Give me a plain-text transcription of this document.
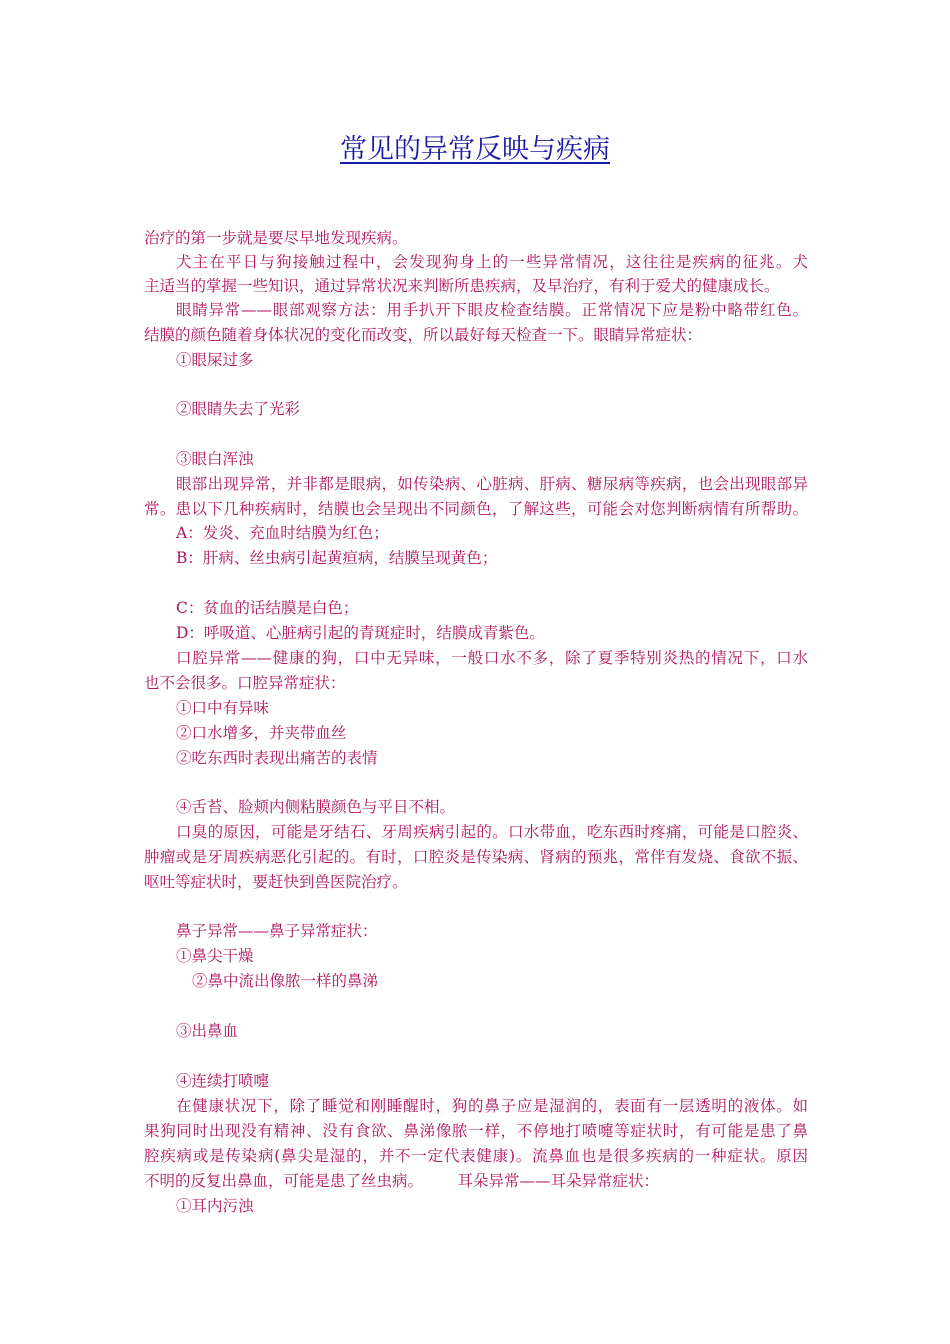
常见的异常反映与疾病
治疗的第一步就是要尽早地发现疾病。
犬主在平日与狗接触过程中，会发现狗身上的一些异常情况，这往往是疾病的征兆。犬
主适当的掌握一些知识，通过异常状况来判断所患疾病，及早治疗，有利于爱犬的健康成长。
眼睛异常——眼部观察方法：用手扒开下眼皮检查结膜。正常情况下应是粉中略带红色。
结膜的颜色随着身体状况的变化而改变，所以最好每天检查一下。眼睛异常症状：
①眼屎过多
②眼睛失去了光彩
③眼白浑浊
眼部出现异常，并非都是眼病，如传染病、心脏病、肝病、糖尿病等疾病，也会出现眼部异
常。患以下几种疾病时，结膜也会呈现出不同颜色，了解这些，可能会对您判断病情有所帮助。
A：发炎、充血时结膜为红色；
B：肝病、丝虫病引起黄疸病，结膜呈现黄色；
C：贫血的话结膜是白色；
D：呼吸道、心脏病引起的青斑症时，结膜成青紫色。
口腔异常——健康的狗，口中无异味，一般口水不多，除了夏季特别炎热的情况下，口水
也不会很多。口腔异常症状：
①口中有异味
②口水增多，并夹带血丝
②吃东西时表现出痛苦的表情
④舌苔、脸颊内侧粘膜颜色与平日不相。
口臭的原因，可能是牙结石、牙周疾病引起的。口水带血，吃东西时疼痛，可能是口腔炎、
肿瘤或是牙周疾病恶化引起的。有时，口腔炎是传染病、肾病的预兆，常伴有发烧、食欲不振、
呕吐等症状时，要赶快到兽医院治疗。
鼻子异常——鼻子异常症状：
①鼻尖干燥
②鼻中流出像脓一样的鼻涕
③出鼻血
④连续打喷嚏
在健康状况下，除了睡觉和刚睡醒时，狗的鼻子应是湿润的，表面有一层透明的液体。如
果狗同时出现没有精神、没有食欲、鼻涕像脓一样，不停地打喷嚏等症状时，有可能是患了鼻
腔疾病或是传染病(鼻尖是湿的，并不一定代表健康)。流鼻血也是很多疾病的一种症状。原因
不明的反复出鼻血，可能是患了丝虫病。       耳朵异常——耳朵异常症状：
①耳内污浊
